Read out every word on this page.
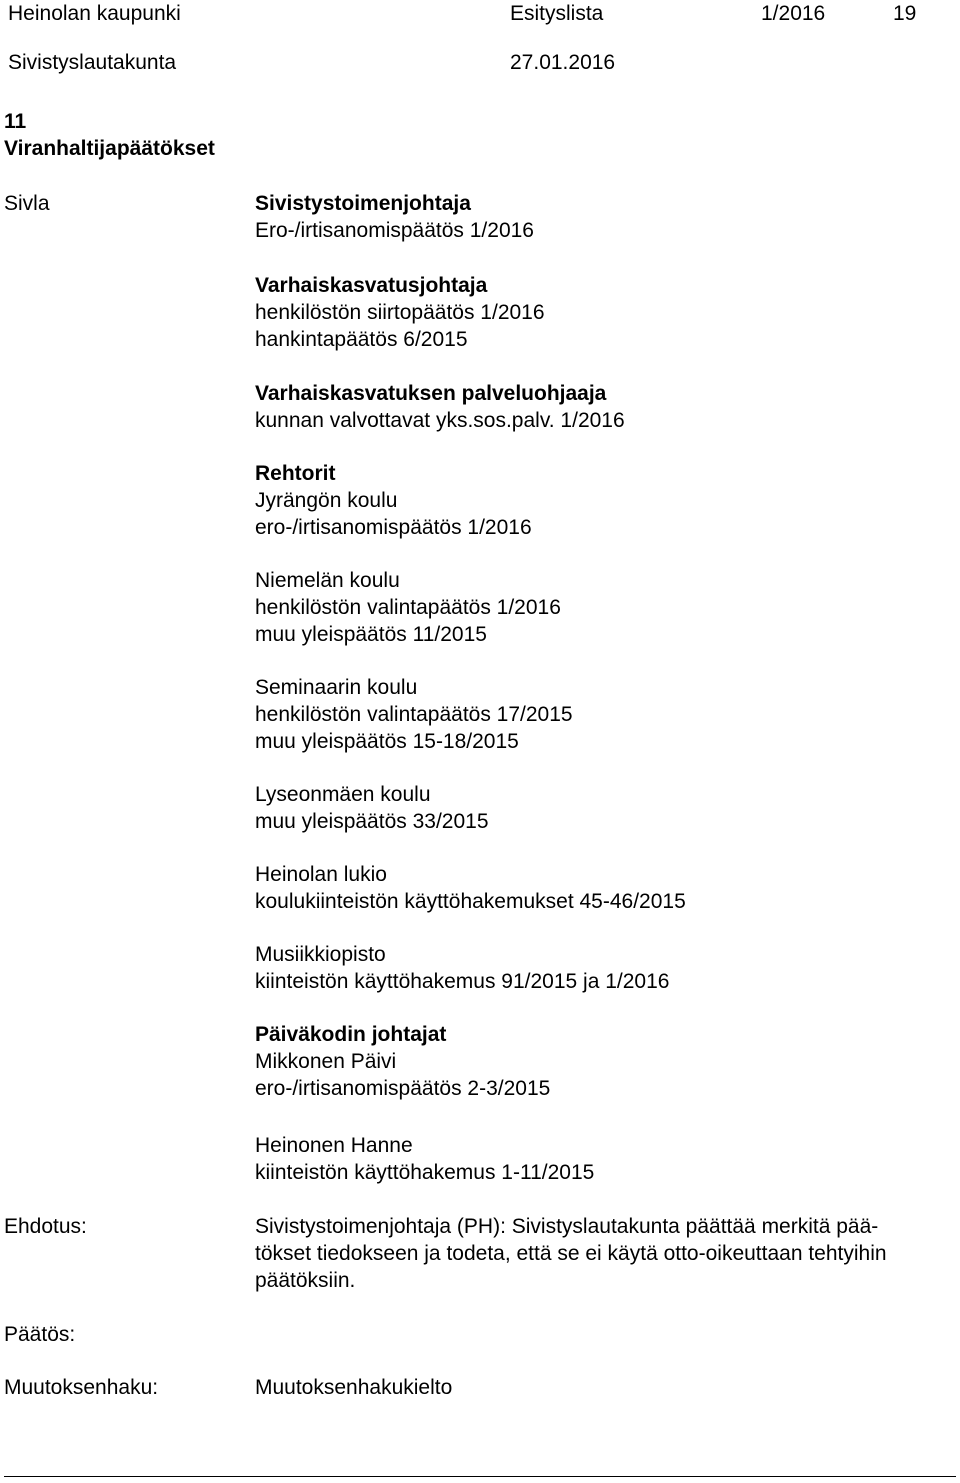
Heinolan kaupunki	Esityslista	1/2016	19
Sivistyslautakunta	27.01.2016
11
Viranhaltijapäätökset
Sivla	Sivistystoimenjohtaja
Ero-/irtisanomispäätös 1/2016
Varhaiskasvatusjohtaja
henkilöstön siirtopäätös 1/2016
hankintapäätös 6/2015
Varhaiskasvatuksen palveluohjaaja
kunnan valvottavat yks.sos.palv. 1/2016
Rehtorit
Jyrängön koulu
ero-/irtisanomispäätös 1/2016
Niemelän koulu
henkilöstön valintapäätös 1/2016
muu yleispäätös 11/2015
Seminaarin koulu
henkilöstön valintapäätös 17/2015
muu yleispäätös 15-18/2015
Lyseonmäen koulu
muu yleispäätös 33/2015
Heinolan lukio
koulukiinteistön käyttöhakemukset 45-46/2015
Musiikkiopisto
kiinteistön käyttöhakemus 91/2015 ja 1/2016
Päiväkodin johtajat
Mikkonen Päivi
ero-/irtisanomispäätös 2-3/2015
Heinonen Hanne
kiinteistön käyttöhakemus 1-11/2015
Ehdotus:	Sivistystoimenjohtaja (PH): Sivistyslautakunta päättää merkitä pää-
tökset tiedokseen ja todeta, että se ei käytä otto-oikeuttaan tehtyihin
päätöksiin.
Päätös:
Muutoksenhaku:	Muutoksenhakukielto
